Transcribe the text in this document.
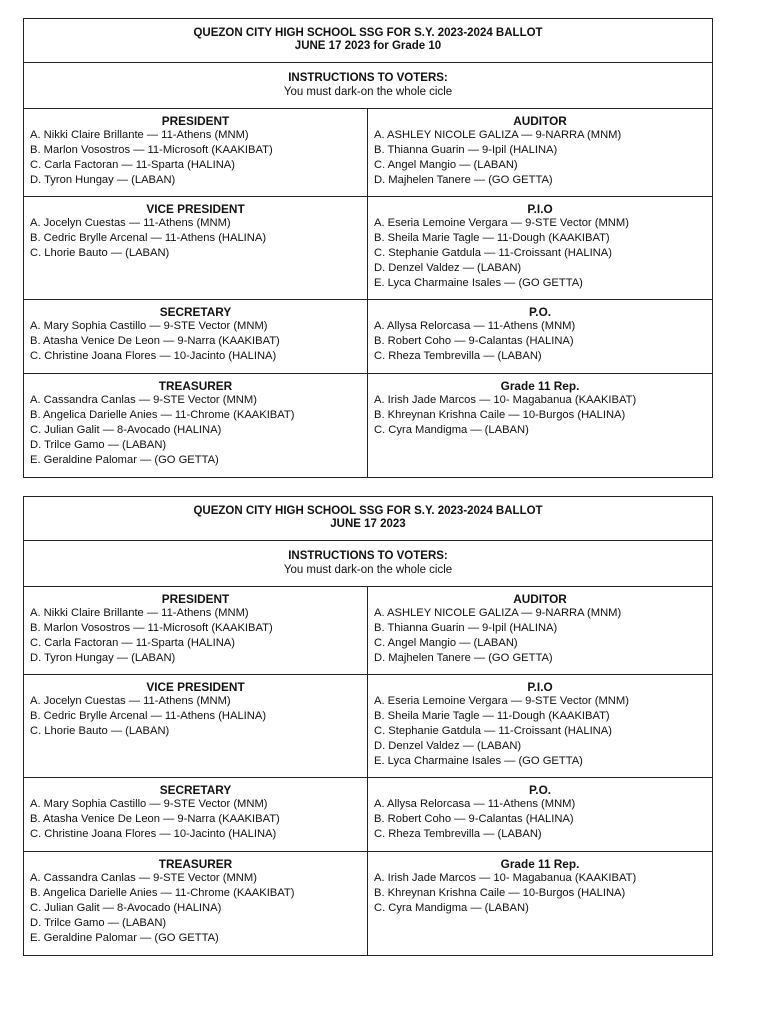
QUEZON CITY HIGH SCHOOL SSG FOR S.Y. 2023-2024 BALLOT
JUNE 17 2023 for Grade 10
INSTRUCTIONS TO VOTERS:
You must dark-on the whole cicle
PRESIDENT
A. Nikki Claire Brillante — 11-Athens (MNM)
B. Marlon Vosostros — 11-Microsoft (KAAKIBAT)
C. Carla Factoran — 11-Sparta (HALINA)
D. Tyron Hungay — (LABAN)
AUDITOR
A. ASHLEY NICOLE GALIZA — 9-NARRA (MNM)
B. Thianna Guarin — 9-Ipil (HALINA)
C. Angel Mangio — (LABAN)
D. Majhelen Tanere — (GO GETTA)
VICE PRESIDENT
A. Jocelyn Cuestas — 11-Athens (MNM)
B. Cedric Brylle Arcenal — 11-Athens (HALINA)
C. Lhorie Bauto — (LABAN)
P.I.O
A. Eseria Lemoine Vergara — 9-STE Vector (MNM)
B. Sheila Marie Tagle — 11-Dough (KAAKIBAT)
C. Stephanie Gatdula — 11-Croissant (HALINA)
D. Denzel Valdez — (LABAN)
E. Lyca Charmaine Isales — (GO GETTA)
SECRETARY
A. Mary Sophia Castillo — 9-STE Vector (MNM)
B. Atasha Venice De Leon — 9-Narra (KAAKIBAT)
C. Christine Joana Flores — 10-Jacinto (HALINA)
P.O.
A. Allysa Relorcasa — 11-Athens (MNM)
B. Robert Coho — 9-Calantas (HALINA)
C. Rheza Tembrevilla — (LABAN)
TREASURER
A. Cassandra Canlas — 9-STE Vector (MNM)
B. Angelica Darielle Anies — 11-Chrome (KAAKIBAT)
C. Julian Galit — 8-Avocado (HALINA)
D. Trilce Gamo — (LABAN)
E. Geraldine Palomar — (GO GETTA)
Grade 11 Rep.
A. Irish Jade Marcos — 10- Magabanua (KAAKIBAT)
B. Khreynan Krishna Caile — 10-Burgos (HALINA)
C. Cyra Mandigma — (LABAN)
QUEZON CITY HIGH SCHOOL SSG FOR S.Y. 2023-2024 BALLOT
JUNE 17 2023
INSTRUCTIONS TO VOTERS:
You must dark-on the whole cicle
PRESIDENT
A. Nikki Claire Brillante — 11-Athens (MNM)
B. Marlon Vosostros — 11-Microsoft (KAAKIBAT)
C. Carla Factoran — 11-Sparta (HALINA)
D. Tyron Hungay — (LABAN)
AUDITOR
A. ASHLEY NICOLE GALIZA — 9-NARRA (MNM)
B. Thianna Guarin — 9-Ipil (HALINA)
C. Angel Mangio — (LABAN)
D. Majhelen Tanere — (GO GETTA)
VICE PRESIDENT
A. Jocelyn Cuestas — 11-Athens (MNM)
B. Cedric Brylle Arcenal — 11-Athens (HALINA)
C. Lhorie Bauto — (LABAN)
P.I.O
A. Eseria Lemoine Vergara — 9-STE Vector (MNM)
B. Sheila Marie Tagle — 11-Dough (KAAKIBAT)
C. Stephanie Gatdula — 11-Croissant (HALINA)
D. Denzel Valdez — (LABAN)
E. Lyca Charmaine Isales — (GO GETTA)
SECRETARY
A. Mary Sophia Castillo — 9-STE Vector (MNM)
B. Atasha Venice De Leon — 9-Narra (KAAKIBAT)
C. Christine Joana Flores — 10-Jacinto (HALINA)
P.O.
A. Allysa Relorcasa — 11-Athens (MNM)
B. Robert Coho — 9-Calantas (HALINA)
C. Rheza Tembrevilla — (LABAN)
TREASURER
A. Cassandra Canlas — 9-STE Vector (MNM)
B. Angelica Darielle Anies — 11-Chrome (KAAKIBAT)
C. Julian Galit — 8-Avocado (HALINA)
D. Trilce Gamo — (LABAN)
E. Geraldine Palomar — (GO GETTA)
Grade 11 Rep.
A. Irish Jade Marcos — 10- Magabanua (KAAKIBAT)
B. Khreynan Krishna Caile — 10-Burgos (HALINA)
C. Cyra Mandigma — (LABAN)
